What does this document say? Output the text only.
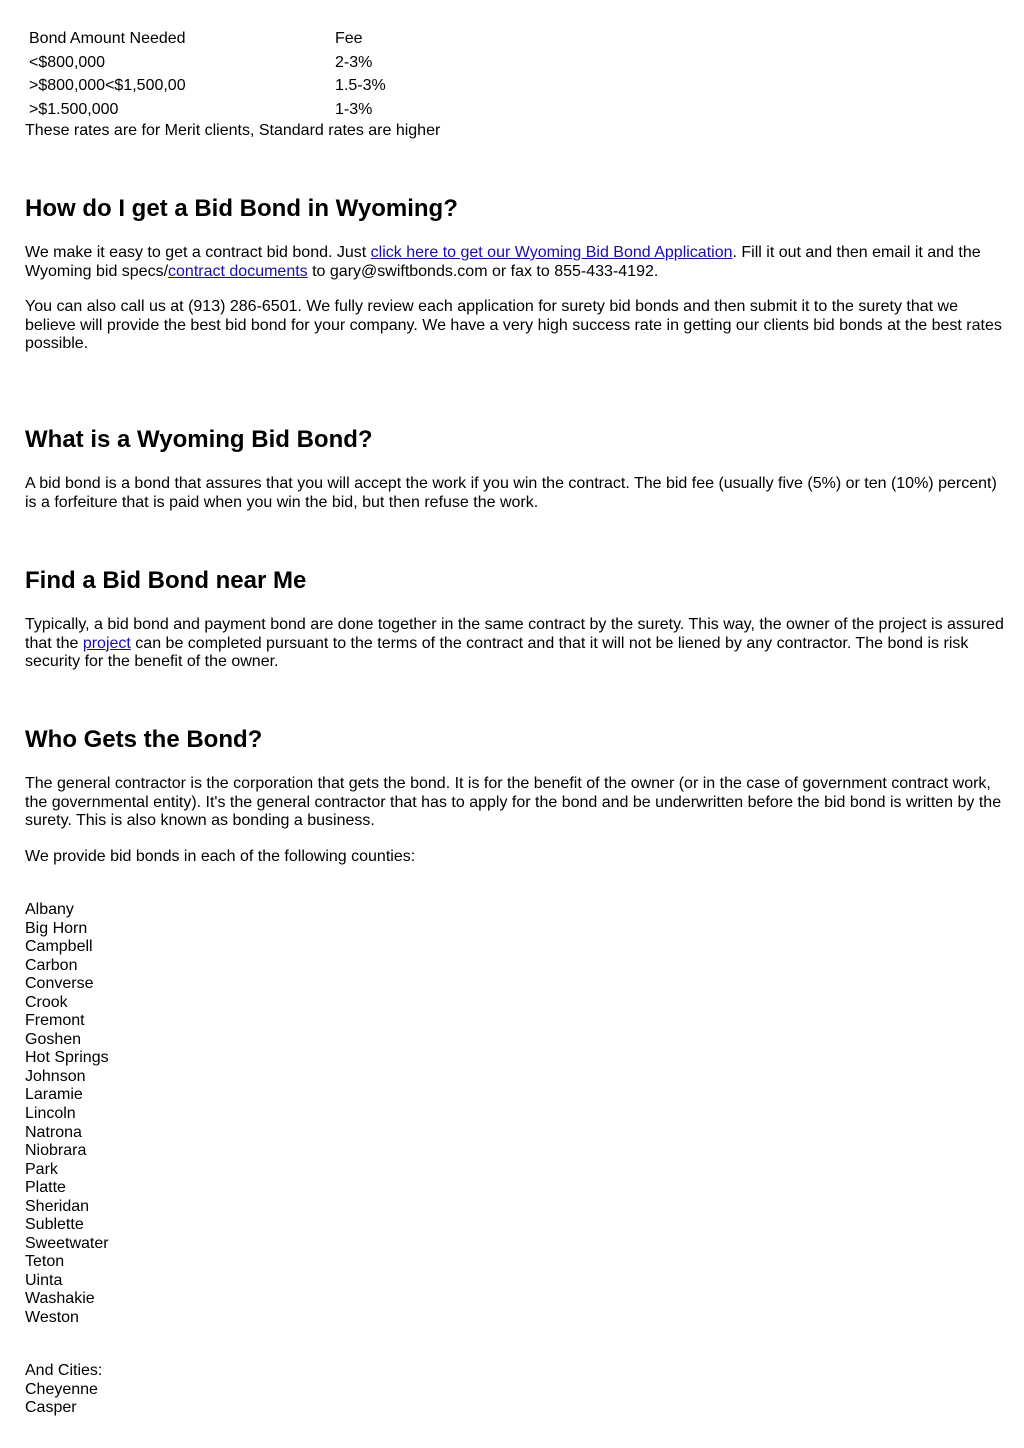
Bond Amount Needed	Fee
<$800,000	2-3%
>$800,000<$1,500,00	1.5-3%
>$1.500,000	1-3%
These rates are for Merit clients, Standard rates are higher
How do I get a Bid Bond in Wyoming?

We make it easy to get a contract bid bond. Just click here to get our Wyoming Bid Bond Application. Fill it out and then email it and the Wyoming bid specs/contract documents to gary@swiftbonds.com or fax to 855-433-4192.

You can also call us at (913) 286-6501. We fully review each application for surety bid bonds and then submit it to the surety that we believe will provide the best bid bond for your company. We have a very high success rate in getting our clients bid bonds at the best rates possible.

What is a Wyoming Bid Bond?

A bid bond is a bond that assures that you will accept the work if you win the contract. The bid fee (usually five (5%) or ten (10%) percent) is a forfeiture that is paid when you win the bid, but then refuse the work.

Find a Bid Bond near Me

Typically, a bid bond and payment bond are done together in the same contract by the surety. This way, the owner of the project is assured that the project can be completed pursuant to the terms of the contract and that it will not be liened by any contractor. The bond is risk security for the benefit of the owner.

Who Gets the Bond?

The general contractor is the corporation that gets the bond. It is for the benefit of the owner (or in the case of government contract work, the governmental entity). It's the general contractor that has to apply for the bond and be underwritten before the bid bond is written by the surety. This is also known as bonding a business.

We provide bid bonds in each of the following counties:

Albany
Big Horn
Campbell
Carbon
Converse
Crook
Fremont
Goshen
Hot Springs
Johnson
Laramie
Lincoln
Natrona
Niobrara
Park
Platte
Sheridan
Sublette
Sweetwater
Teton
Uinta
Washakie
Weston
And Cities:
Cheyenne
Casper
